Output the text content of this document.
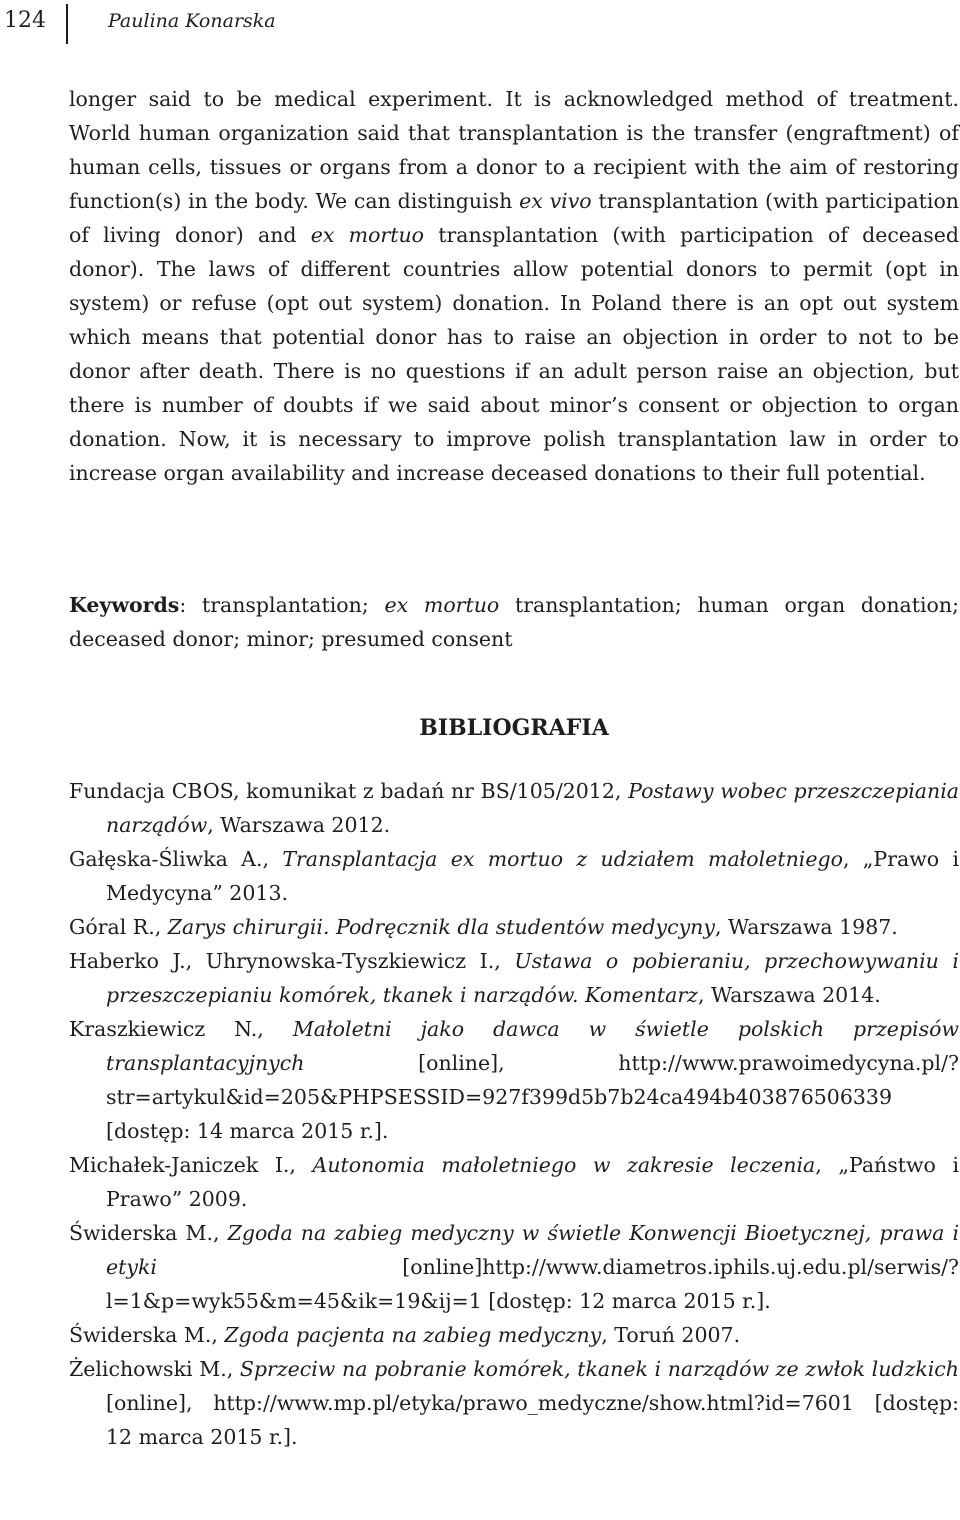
124	Paulina Konarska

longer said to be medical experiment. It is acknowledged method of treatment. World human organization said that transplantation is the transfer (engraftment) of human cells, tissues or organs from a donor to a recipient with the aim of restoring function(s) in the body. We can distinguish ex vivo transplantation (with participation of living donor) and ex mortuo transplantation (with participation of deceased donor). The laws of different countries allow potential donors to permit (opt in system) or refuse (opt out system) donation. In Poland there is an opt out system which means that potential donor has to raise an objection in order to not to be donor after death. There is no questions if an adult person raise an objection, but there is number of doubts if we said about minor’s consent or objection to organ donation. Now, it is necessary to improve polish transplantation law in order to increase organ availability and increase deceased donations to their full potential.

Keywords: transplantation; ex mortuo transplantation; human organ donation; deceased donor; minor; presumed consent

BIBLIOGRAFIA
Fundacja CBOS, komunikat z badań nr BS/105/2012, Postawy wobec przeszczepiania narządów, Warszawa 2012.
Gałęska-Śliwka A., Transplantacja ex mortuo z udziałem małoletniego, „Prawo i Medycyna” 2013.
Góral R., Zarys chirurgii. Podręcznik dla studentów medycyny, Warszawa 1987.
Haberko J., Uhrynowska-Tyszkiewicz I., Ustawa o pobieraniu, przechowywaniu i przeszczepianiu komórek, tkanek i narządów. Komentarz, Warszawa 2014.
Kraszkiewicz N., Małoletni jako dawca w świetle polskich przepisów transplantacyjnych [online], http://www.prawoimedycyna.pl/?str=artykul&id=205&PHPSESSID=927f399d5b7b24ca494b403876506339 [dostęp: 14 marca 2015 r.].
Michałek-Janiczek I., Autonomia małoletniego w zakresie leczenia, „Państwo i Prawo” 2009.
Świderska M., Zgoda na zabieg medyczny w świetle Konwencji Bioetycznej, prawa i etyki [online]http://www.diametros.iphils.uj.edu.pl/serwis/?l=1&p=wyk55&m=45&ik=19&ij=1 [dostęp: 12 marca 2015 r.].
Świderska M., Zgoda pacjenta na zabieg medyczny, Toruń 2007.
Żelichowski M., Sprzeciw na pobranie komórek, tkanek i narządów ze zwłok ludzkich [online], http://www.mp.pl/etyka/prawo_medyczne/show.html?id=7601 [dostęp: 12 marca 2015 r.].
